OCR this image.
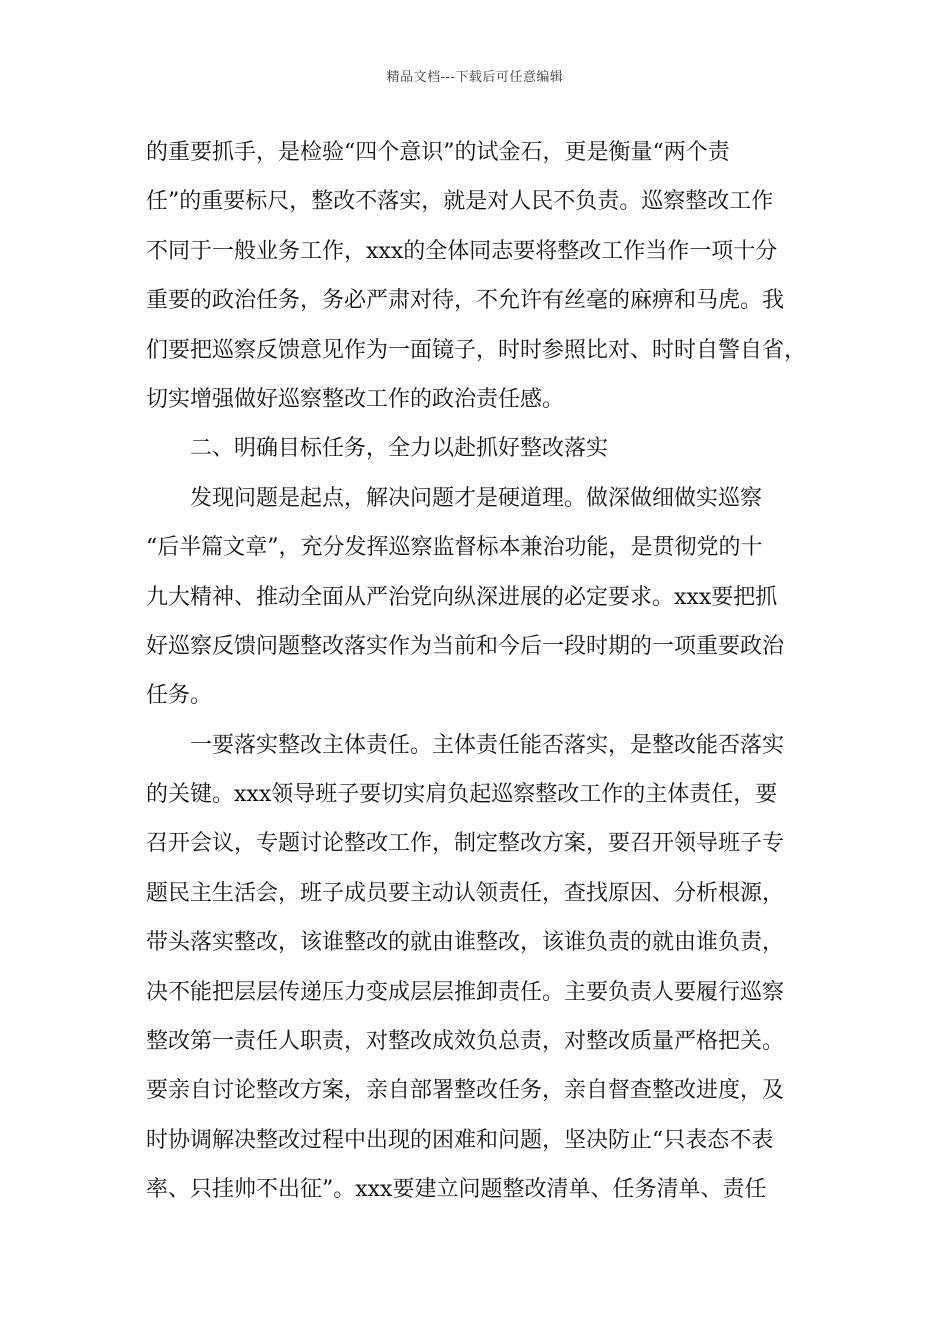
精品文档---下载后可任意编辑
的重要抓手，是检验“四个意识”的试金石，更是衡量“两个责
任”的重要标尺，整改不落实，就是对人民不负责。巡察整改工作
不同于一般业务工作，xxx的全体同志要将整改工作当作一项十分
重要的政治任务，务必严肃对待，不允许有丝毫的麻痹和马虎。我
们要把巡察反馈意见作为一面镜子，时时参照比对、时时自警自省，
切实增强做好巡察整改工作的政治责任感。
二、明确目标任务，全力以赴抓好整改落实
发现问题是起点，解决问题才是硬道理。做深做细做实巡察
“后半篇文章”，充分发挥巡察监督标本兼治功能，是贯彻党的十
九大精神、推动全面从严治党向纵深进展的必定要求。xxx要把抓
好巡察反馈问题整改落实作为当前和今后一段时期的一项重要政治
任务。
一要落实整改主体责任。主体责任能否落实，是整改能否落实
的关键。xxx领导班子要切实肩负起巡察整改工作的主体责任，要
召开会议，专题讨论整改工作，制定整改方案，要召开领导班子专
题民主生活会，班子成员要主动认领责任，查找原因、分析根源，
带头落实整改，该谁整改的就由谁整改，该谁负责的就由谁负责，
决不能把层层传递压力变成层层推卸责任。主要负责人要履行巡察
整改第一责任人职责，对整改成效负总责，对整改质量严格把关。
要亲自讨论整改方案，亲自部署整改任务，亲自督查整改进度，及
时协调解决整改过程中出现的困难和问题，坚决防止“只表态不表
率、只挂帅不出征”。xxx要建立问题整改清单、任务清单、责任
